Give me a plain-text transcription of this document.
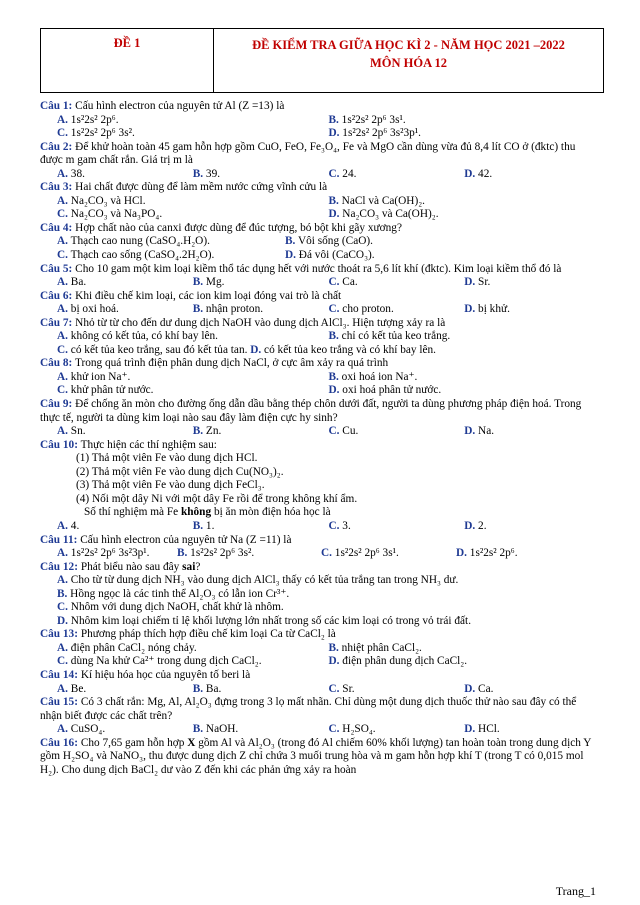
ĐỀ 1	ĐỀ KIỂM TRA GIỮA HỌC KÌ 2 - NĂM HỌC 2021 –2022
MÔN HÓA 12

Câu 1: Cấu hình electron của nguyên tử Al (Z =13) là

A. 1s²2s² 2p⁶.	B. 1s²2s² 2p⁶ 3s¹.
C. 1s²2s² 2p⁶ 3s².	D. 1s²2s² 2p⁶ 3s²3p¹.

Câu 2: Để khử hoàn toàn 45 gam hỗn hợp gồm CuO, FeO, Fe₃O₄, Fe và MgO cần dùng vừa đủ 8,4 lít CO ở (đktc) thu được m gam chất rắn. Giá trị m là

A. 38.	B. 39.	C. 24.	D. 42.

Câu 3: Hai chất được dùng để làm mềm nước cứng vĩnh cửu là

A. Na₂CO₃ và HCl.	B. NaCl và Ca(OH)₂.
C. Na₂CO₃ và Na₃PO₄.	D. Na₂CO₃ và Ca(OH)₂.

Câu 4: Hợp chất nào của canxi được dùng để đúc tượng, bó bột khi gãy xương?

A. Thạch cao nung (CaSO₄.H₂O).	B. Vôi sống (CaO).
C. Thạch cao sống (CaSO₄.2H₂O).	D. Đá vôi (CaCO₃).

Câu 5: Cho 10 gam một kim loại kiềm thổ tác dụng hết với nước thoát ra 5,6 lít khí (đktc). Kim loại kiềm thổ đó là

A. Ba.	B. Mg.	C. Ca.	D. Sr.

Câu 6: Khi điều chế kim loại, các ion kim loại đóng vai trò là chất

A. bị oxi hoá.	B. nhận proton.	C. cho proton.	D. bị khử.

Câu 7: Nhỏ từ từ cho đến dư dung dịch NaOH vào dung dịch AlCl₃. Hiện tượng xảy ra là

A. không có kết tủa, có khí bay lên.	B. chỉ có kết tủa keo trắng.
C. có kết tủa keo trắng, sau đó kết tủa tan. D. có kết tủa keo trắng và có khí bay lên.

Câu 8: Trong quá trình điện phân dung dịch NaCl, ở cực âm xảy ra quá trình

A. khử ion Na⁺.	B. oxi hoá ion Na⁺.
C. khử phân tử nước.	D. oxi hoá phân tử nước.

Câu 9: Để chống ăn mòn cho đường ống dẫn dầu bằng thép chôn dưới đất, người ta dùng phương pháp điện hoá. Trong thực tế, người ta dùng kim loại nào sau đây làm điện cực hy sinh?

A. Sn.	B. Zn.	C. Cu.	D. Na.

Câu 10: Thực hiện các thí nghiệm sau:

(1) Thả một viên Fe vào dung dịch HCl.
(2) Thả một viên Fe vào dung dịch Cu(NO₃)₂.
(3) Thả một viên Fe vào dung dịch FeCl₃.
(4) Nối một dây Ni với một dây Fe rồi để trong không khí ẩm.
Số thí nghiệm mà Fe không bị ăn mòn điện hóa học là
A. 4.	B. 1.	C. 3.	D. 2.

Câu 11: Cấu hình electron của nguyên tử Na (Z =11) là

A. 1s²2s² 2p⁶ 3s²3p¹.	B. 1s²2s² 2p⁶ 3s².	C. 1s²2s² 2p⁶ 3s¹.	D. 1s²2s² 2p⁶.

Câu 12: Phát biểu nào sau đây sai?

A. Cho từ từ dung dịch NH₃ vào dung dịch AlCl₃ thấy có kết tủa trắng tan trong NH₃ dư.
B. Hồng ngọc là các tinh thể Al₂O₃ có lẫn ion Cr³⁺.
C. Nhôm với dung dịch NaOH, chất khử là nhôm.
D. Nhôm kim loại chiếm tỉ lệ khối lượng lớn nhất trong số các kim loại có trong vỏ trái đất.

Câu 13: Phương pháp thích hợp điều chế kim loại Ca từ CaCl₂ là

A. điện phân CaCl₂ nóng chảy.	B. nhiệt phân CaCl₂.
C. dùng Na khử Ca²⁺ trong dung dịch CaCl₂.	D. điện phân dung dịch CaCl₂.

Câu 14: Kí hiệu hóa học của nguyên tố beri là

A. Be.	B. Ba.	C. Sr.	D. Ca.

Câu 15: Có 3 chất rắn: Mg, Al, Al₂O₃ đựng trong 3 lọ mất nhãn. Chỉ dùng một dung dịch thuốc thử nào sau đây có thể nhận biết được các chất trên?

A. CuSO₄.	B. NaOH.	C. H₂SO₄.	D. HCl.

Câu 16: Cho 7,65 gam hỗn hợp X gồm Al và Al₂O₃ (trong đó Al chiếm 60% khối lượng) tan hoàn toàn trong dung dịch Y gồm H₂SO₄ và NaNO₃, thu được dung dịch Z chỉ chứa 3 muối trung hòa và m gam hỗn hợp khí T (trong T có 0,015 mol H₂). Cho dung dịch BaCl₂ dư vào Z đến khi các phản ứng xảy ra hoàn

Trang_1
